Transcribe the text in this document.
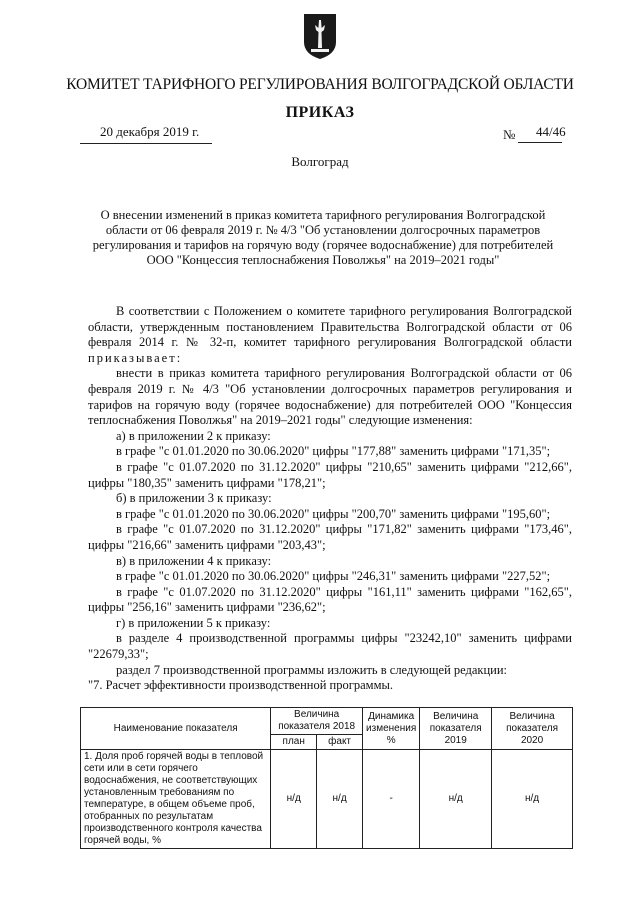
КОМИТЕТ ТАРИФНОГО РЕГУЛИРОВАНИЯ ВОЛГОГРАДСКОЙ ОБЛАСТИ
ПРИКАЗ
20 декабря 2019 г.	№ 44/46
Волгоград
О внесении изменений в приказ комитета тарифного регулирования Волгоградской области от 06 февраля 2019 г. № 4/3 "Об установлении долгосрочных параметров регулирования и тарифов на горячую воду (горячее водоснабжение) для потребителей ООО "Концессия теплоснабжения Поволжья" на 2019–2021 годы"

В соответствии с Положением о комитете тарифного регулирования Волгоградской области, утвержденным постановлением Правительства Волгоградской области от 06 февраля 2014 г. № 32-п, комитет тарифного регулирования Волгоградской области приказывает:

внести в приказ комитета тарифного регулирования Волгоградской области от 06 февраля 2019 г. № 4/3 "Об установлении долгосрочных параметров регулирования и тарифов на горячую воду (горячее водоснабжение) для потребителей ООО "Концессия теплоснабжения Поволжья" на 2019–2021 годы" следующие изменения:

а) в приложении 2 к приказу:

в графе "с 01.01.2020 по 30.06.2020" цифры "177,88" заменить цифрами "171,35";

в графе "с 01.07.2020 по 31.12.2020" цифры "210,65" заменить цифрами "212,66", цифры "180,35" заменить цифрами "178,21";

б) в приложении 3 к приказу:

в графе "с 01.01.2020 по 30.06.2020" цифры "200,70" заменить цифрами "195,60";

в графе "с 01.07.2020 по 31.12.2020" цифры "171,82" заменить цифрами "173,46", цифры "216,66" заменить цифрами "203,43";

в) в приложении 4 к приказу:

в графе "с 01.01.2020 по 30.06.2020" цифры "246,31" заменить цифрами "227,52";

в графе "с 01.07.2020 по 31.12.2020" цифры "161,11" заменить цифрами "162,65", цифры "256,16" заменить цифрами "236,62";

г) в приложении 5 к приказу:

в разделе 4 производственной программы цифры "23242,10" заменить цифрами "22679,33";

раздел 7 производственной программы изложить в следующей редакции:

"7. Расчет эффективности производственной программы.

Наименование показателя	Величина показателя 2018		Динамика изменения %	Величина показателя 2019	Величина показателя 2020
	план	факт			
1. Доля проб горячей воды в тепловой сети или в сети горячего водоснабжения, не соответствующих установленным требованиям по температуре, в общем объеме проб, отобранных по результатам производственного контроля качества горячей воды, %	н/д	н/д	-	н/д	н/д
